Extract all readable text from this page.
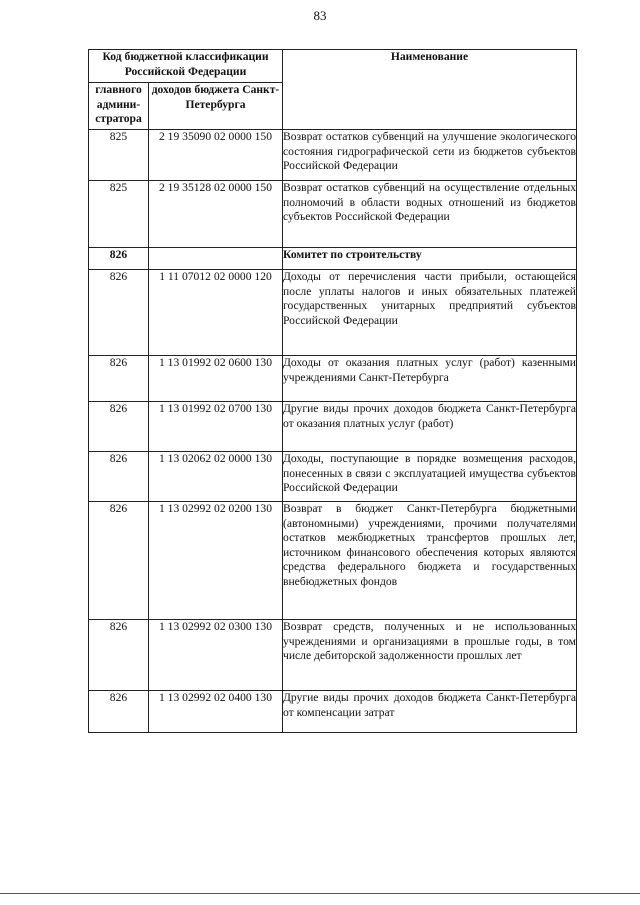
83
Код бюджетной классификации Российской Федерации		Наименование
главного админи-стратора	доходов бюджета Санкт-Петербурга	
825	2 19 35090 02 0000 150	Возврат остатков субвенций на улучшение экологического состояния гидрографической сети из бюджетов субъектов Российской Федерации
825	2 19 35128 02 0000 150	Возврат остатков субвенций на осуществление отдельных полномочий в области водных отношений из бюджетов субъектов Российской Федерации
826		Комитет по строительству
826	1 11 07012 02 0000 120	Доходы от перечисления части прибыли, остающейся после уплаты налогов и иных обязательных платежей государственных унитарных предприятий субъектов Российской Федерации
826	1 13 01992 02 0600 130	Доходы от оказания платных услуг (работ) казенными учреждениями Санкт-Петербурга
826	1 13 01992 02 0700 130	Другие виды прочих доходов бюджета Санкт-Петербурга от оказания платных услуг (работ)
826	1 13 02062 02 0000 130	Доходы, поступающие в порядке возмещения расходов, понесенных в связи с эксплуатацией имущества субъектов Российской Федерации
826	1 13 02992 02 0200 130	Возврат в бюджет Санкт-Петербурга бюджетными (автономными) учреждениями, прочими получателями остатков межбюджетных трансфертов прошлых лет, источником финансового обеспечения которых являются средства федерального бюджета и государственных внебюджетных фондов
826	1 13 02992 02 0300 130	Возврат средств, полученных и не использованных учреждениями и организациями в прошлые годы, в том числе дебиторской задолженности прошлых лет
826	1 13 02992 02 0400 130	Другие виды прочих доходов бюджета Санкт-Петербурга от компенсации затрат
